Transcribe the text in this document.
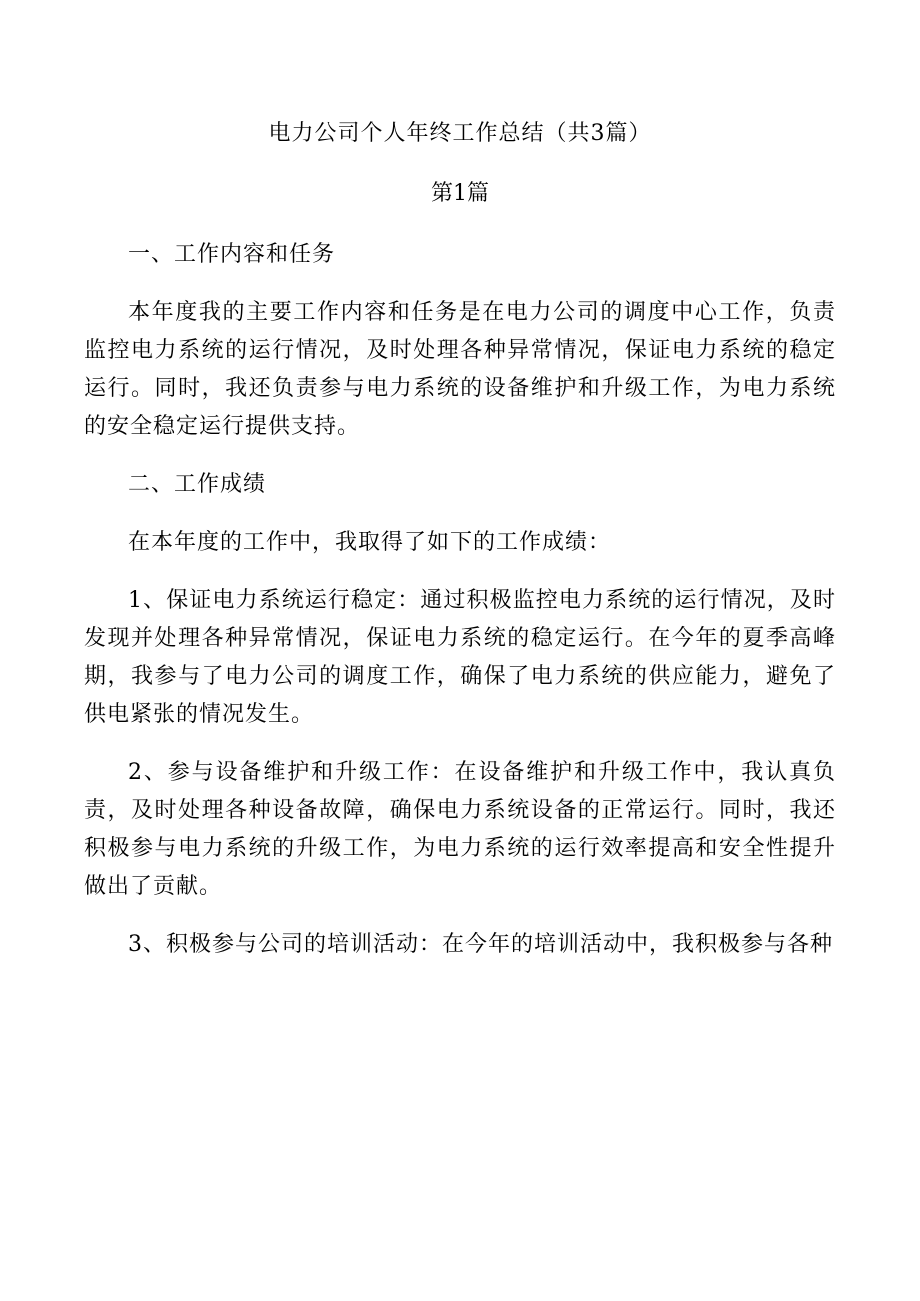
电力公司个人年终工作总结（共3篇）
第1篇

一、工作内容和任务

本年度我的主要工作内容和任务是在电力公司的调度中心工作，负责监控电力系统的运行情况，及时处理各种异常情况，保证电力系统的稳定运行。同时，我还负责参与电力系统的设备维护和升级工作，为电力系统的安全稳定运行提供支持。

二、工作成绩

在本年度的工作中，我取得了如下的工作成绩：

1、保证电力系统运行稳定：通过积极监控电力系统的运行情况，及时发现并处理各种异常情况，保证电力系统的稳定运行。在今年的夏季高峰期，我参与了电力公司的调度工作，确保了电力系统的供应能力，避免了供电紧张的情况发生。

2、参与设备维护和升级工作：在设备维护和升级工作中，我认真负责，及时处理各种设备故障，确保电力系统设备的正常运行。同时，我还积极参与电力系统的升级工作，为电力系统的运行效率提高和安全性提升做出了贡献。

3、积极参与公司的培训活动：在今年的培训活动中，我积极参与各种
